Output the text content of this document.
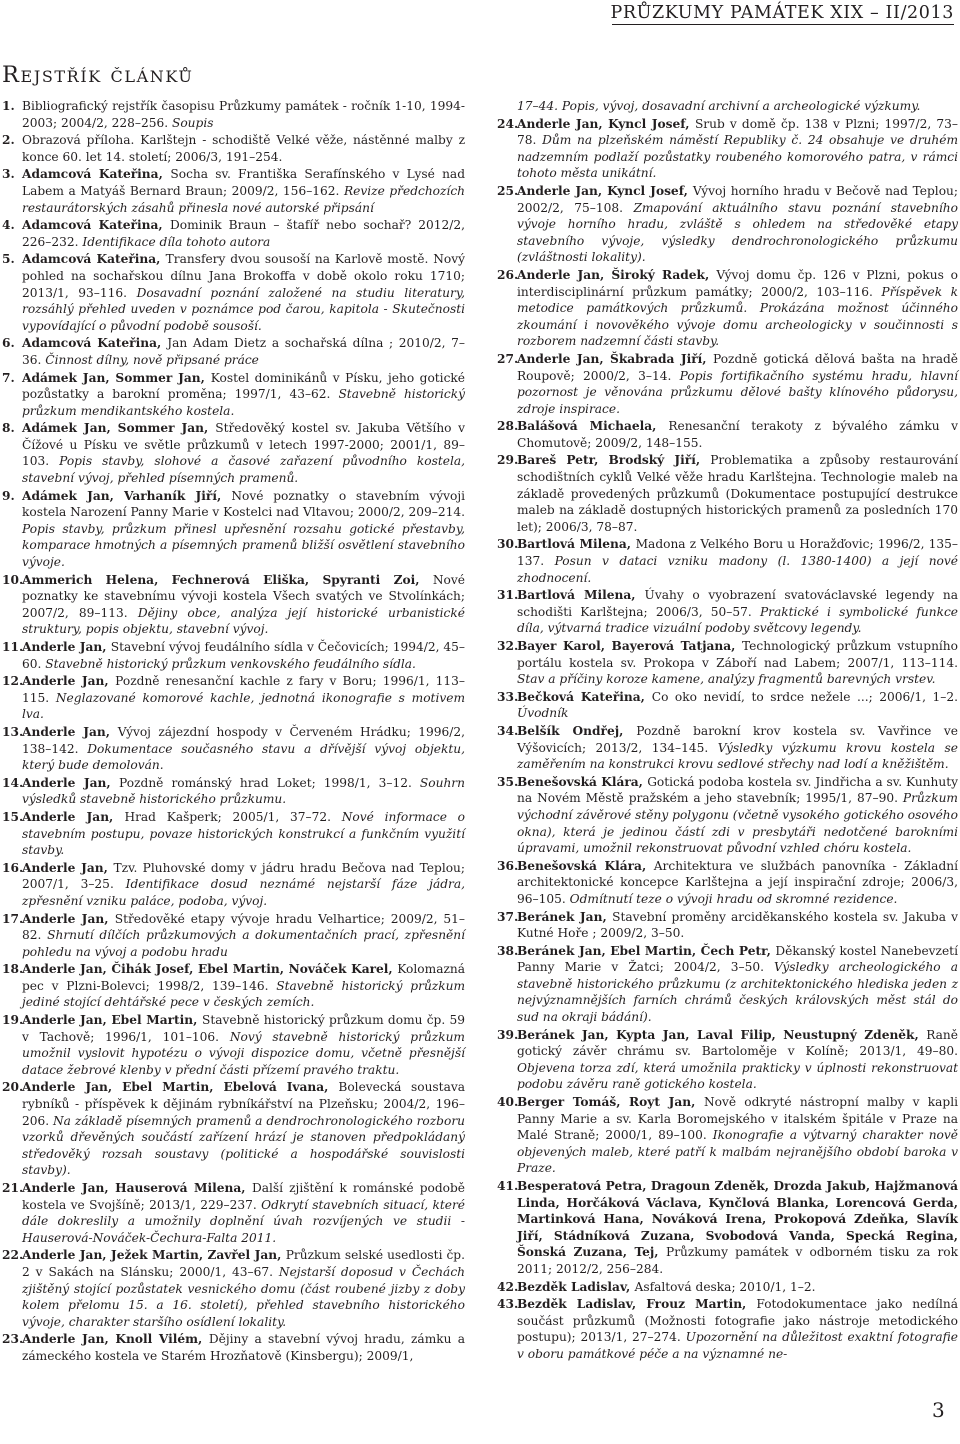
PRŮZKUMY PAMÁTEK XIX – II/2013
Rejstřík článků
1. Bibliografický rejstřík časopisu Průzkumy památek - ročník 1-10, 1994-2003; 2004/2, 228–256. Soupis
2. Obrazová příloha. Karlštejn - schodiště Velké věže, nástěnné malby z konce 60. let 14. století; 2006/3, 191–254.
3. Adamcová Kateřina, Socha sv. Františka Serafínského v Lysé nad Labem a Matyáš Bernard Braun; 2009/2, 156–162. Revize předchozích restaurátorských zásahů přinesla nové autorské připsání
4. Adamcová Kateřina, Dominik Braun – štafíř nebo sochař? 2012/2, 226–232. Identifikace díla tohoto autora
5. Adamcová Kateřina, Transfery dvou sousoší na Karlově mostě. Nový pohled na sochařskou dílnu Jana Brokoffa v době okolo roku 1710; 2013/1, 93–116. Dosavadní poznání založené na studiu literatury, rozsáhlý přehled uveden v poznámce pod čarou, kapitola - Skutečnosti vypovídající o původní podobě sousoší.
6. Adamcová Kateřina, Jan Adam Dietz a sochařská dílna ; 2010/2, 7–36. Činnost dílny, nově připsané práce
7. Adámek Jan, Sommer Jan, Kostel dominikánů v Písku, jeho gotické pozůstatky a barokní proměna; 1997/1, 43–62. Stavebně historický průzkum mendikantského kostela.
8. Adámek Jan, Sommer Jan, Středověký kostel sv. Jakuba Většího v Čížové u Písku ve světle průzkumů v letech 1997-2000; 2001/1, 89–103. Popis stavby, slohové a časové zařazení původního kostela, stavební vývoj, přehled písemných pramenů.
9. Adámek Jan, Varhaník Jiří, Nové poznatky o stavebním vývoji kostela Narození Panny Marie v Kostelci nad Vltavou; 2000/2, 209–214. Popis stavby, průzkum přinesl upřesnění rozsahu gotické přestavby, komparace hmotných a písemných pramenů bližší osvětlení stavebního vývoje.
10.
Ammerich Helena, Fechnerová Eliška, Spyranti Zoi, Nové poznatky ke stavebnímu vývoji kostela Všech svatých ve Stvolínkách; 2007/2, 89–113. Dějiny obce, analýza její historické urbanistické struktury, popis objektu, stavební vývoj.
11.
Anderle Jan, Stavební vývoj feudálního sídla v Čečovicích; 1994/2, 45–60. Stavebně historický průzkum venkovského feudálního sídla.
12.
Anderle Jan, Pozdně renesanční kachle z fary v Boru; 1996/1, 113–115. Neglazované komorové kachle, jednotná ikonografie s motivem lva.
13.
Anderle Jan, Vývoj zájezdní hospody v Červeném Hrádku; 1996/2, 138–142. Dokumentace současného stavu a dřívější vývoj objektu, který bude demolován.
14.
Anderle Jan, Pozdně románský hrad Loket; 1998/1, 3–12. Souhrn výsledků stavebně historického průzkumu.
15.
Anderle Jan, Hrad Kašperk; 2005/1, 37–72. Nové informace o stavebním postupu, povaze historických konstrukcí a funkčním využití stavby.
16.
Anderle Jan, Tzv. Pluhovské domy v jádru hradu Bečova nad Teplou; 2007/1, 3–25. Identifikace dosud neznámé nejstarší fáze jádra, zpřesnění vzniku paláce, podoba, vývoj.
17.
Anderle Jan, Středověké etapy vývoje hradu Velhartice; 2009/2, 51–82. Shrnutí dílčích průzkumových a dokumentačních prací, zpřesnění pohledu na vývoj a podobu hradu
18.
Anderle Jan, Čihák Josef, Ebel Martin, Nováček Karel, Kolomazná pec v Plzni-Bolevci; 1998/2, 139–146. Stavebně historický průzkum jediné stojící dehtářské pece v českých zemích.
19.
Anderle Jan, Ebel Martin, Stavebně historický průzkum domu čp. 59 v Tachově; 1996/1, 101–106. Nový stavebně historický průzkum umožnil vyslovit hypotézu o vývoji dispozice domu, včetně přesnější datace žebrové klenby v přední části přízemí pravého traktu.
20.
Anderle Jan, Ebel Martin, Ebelová Ivana, Bolevecká soustava rybníků - příspěvek k dějinám rybníkářství na Plzeňsku; 2004/2, 196–206. Na základě písemných pramenů a dendrochronologického rozboru vzorků dřevěných součástí zařízení hrází je stanoven předpokládaný středověký rozsah soustavy (politické a hospodářské souvislosti stavby).
21.
Anderle Jan, Hauserová Milena, Další zjištění k románské podobě kostela ve Svojšíně; 2013/1, 229–237. Odkrytí stavebních situací, které dále dokreslily a umožnily doplnění úvah rozvíjených ve studii - Hauserová-Nováček-Čechura-Falta 2011.
22.
Anderle Jan, Ježek Martin, Zavřel Jan, Průzkum selské usedlosti čp. 2 v Sakách na Slánsku; 2000/1, 43–67. Nejstarší doposud v Čechách zjištěný stojící pozůstatek vesnického domu (část roubené jizby z doby kolem přelomu 15. a 16. století), přehled stavebního historického vývoje, charakter staršího osídlení lokality.
23.
Anderle Jan, Knoll Vilém, Dějiny a stavební vývoj hradu, zámku a zámeckého kostela ve Starém Hrozňatově (Kinsbergu); 2009/1,
17–44. Popis, vývoj, dosavadní archivní a archeologické výzkumy.
24.
Anderle Jan, Kyncl Josef, Srub v domě čp. 138 v Plzni; 1997/2, 73–78. Dům na plzeňském náměstí Republiky č. 24 obsahuje ve druhém nadzemním podlaží pozůstatky roubeného komorového patra, v rámci tohoto města unikátní.
25.
Anderle Jan, Kyncl Josef, Vývoj horního hradu v Bečově nad Teplou; 2002/2, 75–108. Zmapování aktuálního stavu poznání stavebního vývoje horního hradu, zvláště s ohledem na středověké etapy stavebního vývoje, výsledky dendrochronologického průzkumu (zvláštnosti lokality).
26.
Anderle Jan, Široký Radek, Vývoj domu čp. 126 v Plzni, pokus o interdisciplinární průzkum památky; 2000/2, 103–116. Příspěvek k metodice památkových průzkumů. Prokázána možnost účinného zkoumání i novověkého vývoje domu archeologicky v součinnosti s rozborem nadzemní části stavby.
27.
Anderle Jan, Škabrada Jiří, Pozdně gotická dělová bašta na hradě Roupově; 2000/2, 3–14. Popis fortifikačního systému hradu, hlavní pozornost je věnována průzkumu dělové bašty klínového půdorysu, zdroje inspirace.
28.
Balášová Michaela, Renesanční terakoty z bývalého zámku v Chomutově; 2009/2, 148–155.
29.
Bareš Petr, Brodský Jiří, Problematika a způsoby restaurování schodištních cyklů Velké věže hradu Karlštejna. Technologie maleb na základě provedených průzkumů (Dokumentace postupující destrukce maleb na základě dostupných historických pramenů za posledních 170 let); 2006/3, 78–87.
30.
Bartlová Milena, Madona z Velkého Boru u Horažďovic; 1996/2, 135–137. Posun v dataci vzniku madony (l. 1380-1400) a její nové zhodnocení.
31.
Bartlová Milena, Úvahy o vyobrazení svatováclavské legendy na schodišti Karlštejna; 2006/3, 50–57. Praktické i symbolické funkce díla, výtvarná tradice vizuální podoby světcovy legendy.
32.
Bayer Karol, Bayerová Tatjana, Technologický průzkum vstupního portálu kostela sv. Prokopa v Záboří nad Labem; 2007/1, 113–114. Stav a příčiny koroze kamene, analýzy fragmentů barevných vrstev.
33.
Bečková Kateřina, Co oko nevidí, to srdce nežele ...; 2006/1, 1–2. Úvodník
34.
Belšík Ondřej, Pozdně barokní krov kostela sv. Vavřince ve Výšovicích; 2013/2, 134–145. Výsledky výzkumu krovu kostela se zaměřením na konstrukci krovu sedlové střechy nad lodí a kněžištěm.
35.
Benešovská Klára, Gotická podoba kostela sv. Jindřicha a sv. Kunhuty na Novém Městě pražském a jeho stavebník; 1995/1, 87–90. Průzkum východní závěrové stěny polygonu (včetně vysokého gotického osového okna), která je jedinou částí zdi v presbytáři nedotčené barokními úpravami, umožnil rekonstruovat původní vzhled chóru kostela.
36.
Benešovská Klára, Architektura ve službách panovníka - Základní architektonické koncepce Karlštejna a její inspirační zdroje; 2006/3, 96–105. Odmítnutí teze o vývoji hradu od skromné rezidence.
37.
Beránek Jan, Stavební proměny arciděkanského kostela sv. Jakuba v Kutné Hoře ; 2009/2, 3–50.
38.
Beránek Jan, Ebel Martin, Čech Petr, Děkanský kostel Nanebevzetí Panny Marie v Žatci; 2004/2, 3–50. Výsledky archeologického a stavebně historického průzkumu (z architektonického hlediska jeden z nejvýznamnějších farních chrámů českých královských měst stál do sud na okraji bádání).
39.
Beránek Jan, Kypta Jan, Laval Filip, Neustupný Zdeněk, Raně gotický závěr chrámu sv. Bartoloměje v Kolíně; 2013/1, 49–80. Objevena torza zdí, která umožnila prakticky v úplnosti rekonstruovat podobu závěru raně gotického kostela.
40.
Berger Tomáš, Royt Jan, Nově odkryté nástropní malby v kapli Panny Marie a sv. Karla Boromejského v italském špitále v Praze na Malé Straně; 2000/1, 89–100. Ikonografie a výtvarný charakter nově objevených maleb, které patří k malbám nejranějšího období baroka v Praze.
41.
Besperatová Petra, Dragoun Zdeněk, Drozda Jakub, Hajžmanová Linda, Horčáková Václava, Kynčlová Blanka, Lorencová Gerda, Martinková Hana, Nováková Irena, Prokopová Zdeňka, Slavík Jiří, Stádníková Zuzana, Svobodová Vanda, Specká Regina, Šonská Zuzana, Tej, Průzkumy památek v odborném tisku za rok 2011; 2012/2, 256–284.
42.
Bezděk Ladislav, Asfaltová deska; 2010/1, 1–2.
43.
Bezděk Ladislav, Frouz Martin, Fotodokumentace jako nedílná součást průzkumů (Možnosti fotografie jako nástroje metodického postupu); 2013/1, 27–274. Upozornění na důležitost exaktní fotografie v oboru památkové péče a na významné ne-
3
